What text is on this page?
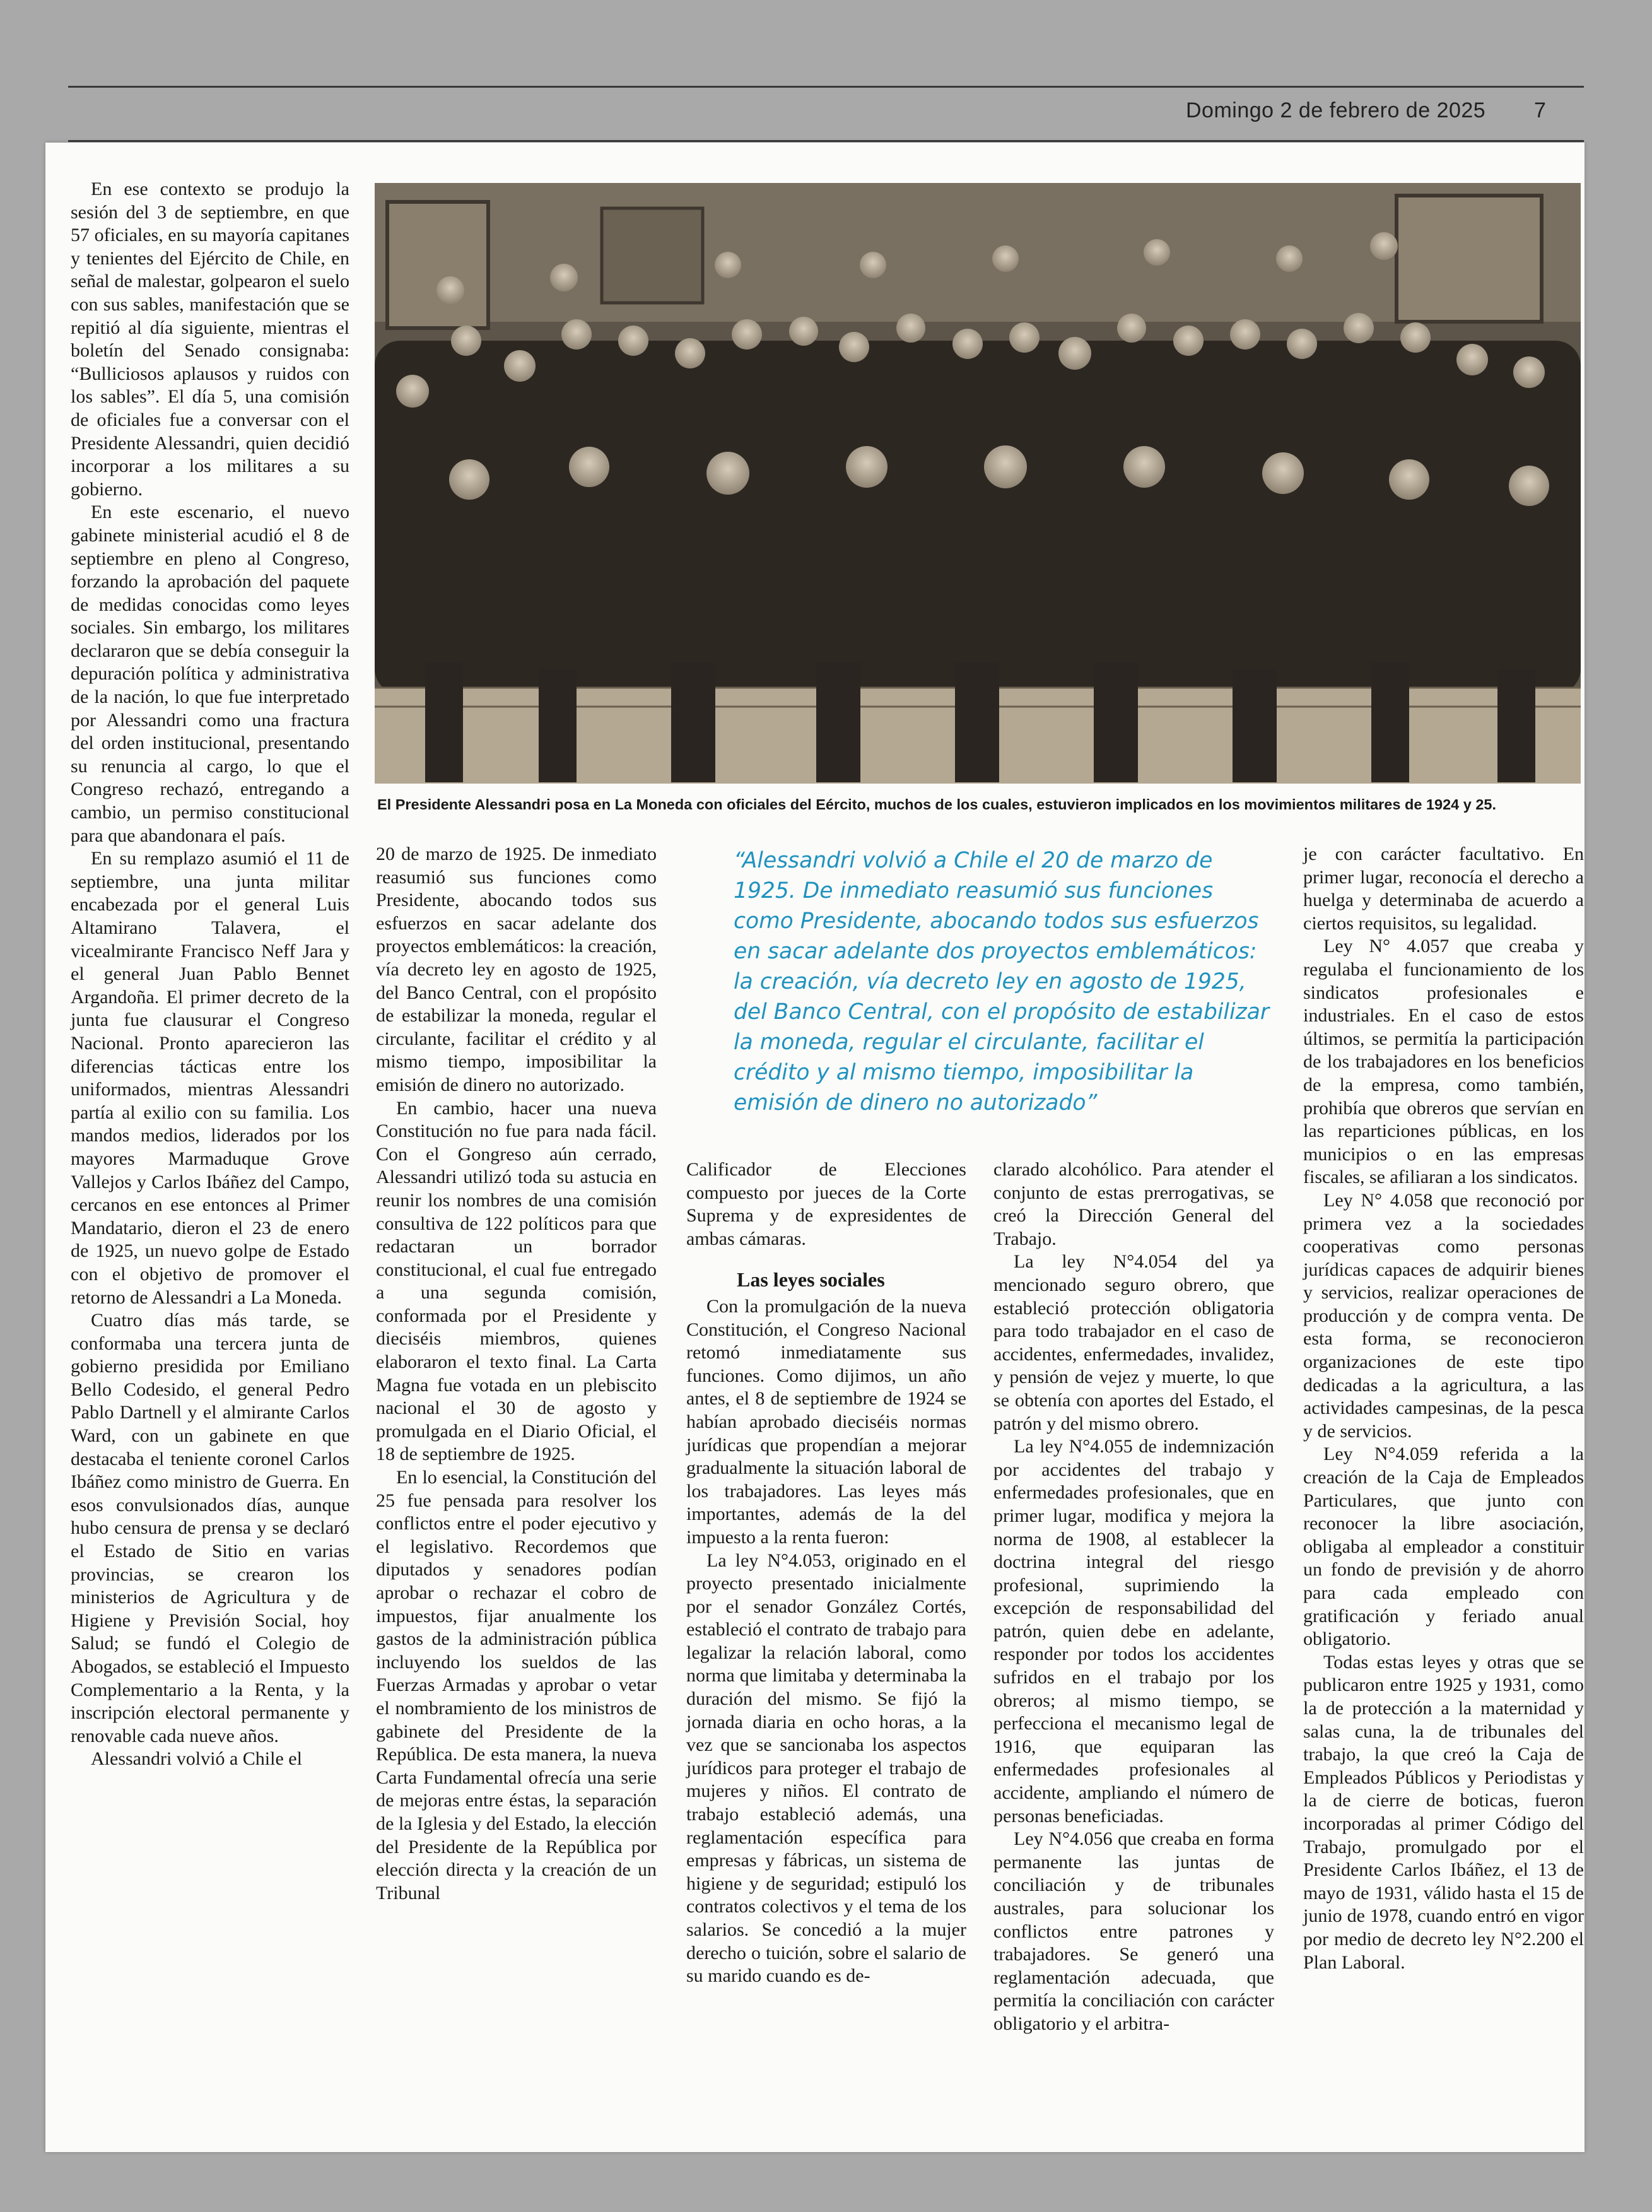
Domingo 2 de febrero de 2025 7
El Presidente Alessandri posa en La Moneda con oficiales del Eército, muchos de los cuales, estuvieron implicados en los movimientos militares de 1924 y 25.
“Alessandri volvió a Chile el 20 de marzo de 1925. De inmediato reasumió sus funciones como Presidente, abocando todos sus esfuerzos en sacar adelante dos proyectos emblemáticos: la creación, vía decreto ley en agosto de 1925, del Banco Central, con el propósito de estabilizar la moneda, regular el circulante, facilitar el crédito y al mismo tiempo, imposibilitar la emisión de dinero no autorizado”

En ese contexto se produjo la sesión del 3 de septiembre, en que 57 oficiales, en su mayoría capitanes y tenientes del Ejército de Chile, en señal de malestar, golpearon el suelo con sus sables, manifestación que se repitió al día siguiente, mientras el boletín del Senado consignaba: “Bulliciosos aplausos y ruidos con los sables”. El día 5, una comisión de oficiales fue a conversar con el Presidente Alessandri, quien decidió incorporar a los militares a su gobierno.

En este escenario, el nuevo gabinete ministerial acudió el 8 de septiembre en pleno al Congreso, forzando la aprobación del paquete de medidas conocidas como leyes sociales. Sin embargo, los militares declararon que se debía conseguir la depuración política y administrativa de la nación, lo que fue interpretado por Alessandri como una fractura del orden institucional, presentando su renuncia al cargo, lo que el Congreso rechazó, entregando a cambio, un permiso constitucional para que abandonara el país.

En su remplazo asumió el 11 de septiembre, una junta militar encabezada por el general Luis Altamirano Talavera, el vicealmirante Francisco Neff Jara y el general Juan Pablo Bennet Argandoña. El primer decreto de la junta fue clausurar el Congreso Nacional. Pronto aparecieron las diferencias tácticas entre los uniformados, mientras Alessandri partía al exilio con su familia. Los mandos medios, liderados por los mayores Marmaduque Grove Vallejos y Carlos Ibáñez del Campo, cercanos en ese entonces al Primer Mandatario, dieron el 23 de enero de 1925, un nuevo golpe de Estado con el objetivo de promover el retorno de Alessandri a La Moneda.

Cuatro días más tarde, se conformaba una tercera junta de gobierno presidida por Emiliano Bello Codesido, el general Pedro Pablo Dartnell y el almirante Carlos Ward, con un gabinete en que destacaba el teniente coronel Carlos Ibáñez como ministro de Guerra. En esos convulsionados días, aunque hubo censura de prensa y se declaró el Estado de Sitio en varias provincias, se crearon los ministerios de Agricultura y de Higiene y Previsión Social, hoy Salud; se fundó el Colegio de Abogados, se estableció el Impuesto Complementario a la Renta, y la inscripción electoral permanente y renovable cada nueve años.

Alessandri volvió a Chile el

20 de marzo de 1925. De inmediato reasumió sus funciones como Presidente, abocando todos sus esfuerzos en sacar adelante dos proyectos emblemáticos: la creación, vía decreto ley en agosto de 1925, del Banco Central, con el propósito de estabilizar la moneda, regular el circulante, facilitar el crédito y al mismo tiempo, imposibilitar la emisión de dinero no autorizado.

En cambio, hacer una nueva Constitución no fue para nada fácil. Con el Gongreso aún cerrado, Alessandri utilizó toda su astucia en reunir los nombres de una comisión consultiva de 122 políticos para que redactaran un borrador constitucional, el cual fue entregado a una segunda comisión, conformada por el Presidente y dieciséis miembros, quienes elaboraron el texto final. La Carta Magna fue votada en un plebiscito nacional el 30 de agosto y promulgada en el Diario Oficial, el 18 de septiembre de 1925.

En lo esencial, la Constitución del 25 fue pensada para resolver los conflictos entre el poder ejecutivo y el legislativo. Recordemos que diputados y senadores podían aprobar o rechazar el cobro de impuestos, fijar anualmente los gastos de la administración pública incluyendo los sueldos de las Fuerzas Armadas y aprobar o vetar el nombramiento de los ministros de gabinete del Presidente de la República. De esta manera, la nueva Carta Fundamental ofrecía una serie de mejoras entre éstas, la separación de la Iglesia y del Estado, la elección del Presidente de la República por elección directa y la creación de un Tribunal

Calificador de Elecciones compuesto por jueces de la Corte Suprema y de expresidentes de ambas cámaras.

Las leyes sociales

Con la promulgación de la nueva Constitución, el Congreso Nacional retomó inmediatamente sus funciones. Como dijimos, un año antes, el 8 de septiembre de 1924 se habían aprobado dieciséis normas jurídicas que propendían a mejorar gradualmente la situación laboral de los trabajadores. Las leyes más importantes, además de la del impuesto a la renta fueron:

La ley N°4.053, originado en el proyecto presentado inicialmente por el senador González Cortés, estableció el contrato de trabajo para legalizar la relación laboral, como norma que limitaba y determinaba la duración del mismo. Se fijó la jornada diaria en ocho horas, a la vez que se sancionaba los aspectos jurídicos para proteger el trabajo de mujeres y niños. El contrato de trabajo estableció además, una reglamentación específica para empresas y fábricas, un sistema de higiene y de seguridad; estipuló los contratos colectivos y el tema de los salarios. Se concedió a la mujer derecho o tuición, sobre el salario de su marido cuando es de-

clarado alcohólico. Para atender el conjunto de estas prerrogativas, se creó la Dirección General del Trabajo.

La ley N°4.054 del ya mencionado seguro obrero, que estableció protección obligatoria para todo trabajador en el caso de accidentes, enfermedades, invalidez, y pensión de vejez y muerte, lo que se obtenía con aportes del Estado, el patrón y del mismo obrero.

La ley N°4.055 de indemnización por accidentes del trabajo y enfermedades profesionales, que en primer lugar, modifica y mejora la norma de 1908, al establecer la doctrina integral del riesgo profesional, suprimiendo la excepción de responsabilidad del patrón, quien debe en adelante, responder por todos los accidentes sufridos en el trabajo por los obreros; al mismo tiempo, se perfecciona el mecanismo legal de 1916, que equiparan las enfermedades profesionales al accidente, ampliando el número de personas beneficiadas.

Ley N°4.056 que creaba en forma permanente las juntas de conciliación y de tribunales australes, para solucionar los conflictos entre patrones y trabajadores. Se generó una reglamentación adecuada, que permitía la conciliación con carácter obligatorio y el arbitra-

je con carácter facultativo. En primer lugar, reconocía el derecho a huelga y determinaba de acuerdo a ciertos requisitos, su legalidad.

Ley N° 4.057 que creaba y regulaba el funcionamiento de los sindicatos profesionales e industriales. En el caso de estos últimos, se permitía la participación de los trabajadores en los beneficios de la empresa, como también, prohibía que obreros que servían en las reparticiones públicas, en los municipios o en las empresas fiscales, se afiliaran a los sindicatos.

Ley N° 4.058 que reconoció por primera vez a la sociedades cooperativas como personas jurídicas capaces de adquirir bienes y servicios, realizar operaciones de producción y de compra venta. De esta forma, se reconocieron organizaciones de este tipo dedicadas a la agricultura, a las actividades campesinas, de la pesca y de servicios.

Ley N°4.059 referida a la creación de la Caja de Empleados Particulares, que junto con reconocer la libre asociación, obligaba al empleador a constituir un fondo de previsión y de ahorro para cada empleado con gratificación y feriado anual obligatorio.

Todas estas leyes y otras que se publicaron entre 1925 y 1931, como la de protección a la maternidad y salas cuna, la de tribunales del trabajo, la que creó la Caja de Empleados Públicos y Periodistas y la de cierre de boticas, fueron incorporadas al primer Código del Trabajo, promulgado por el Presidente Carlos Ibáñez, el 13 de mayo de 1931, válido hasta el 15 de junio de 1978, cuando entró en vigor por medio de decreto ley N°2.200 el Plan Laboral.
